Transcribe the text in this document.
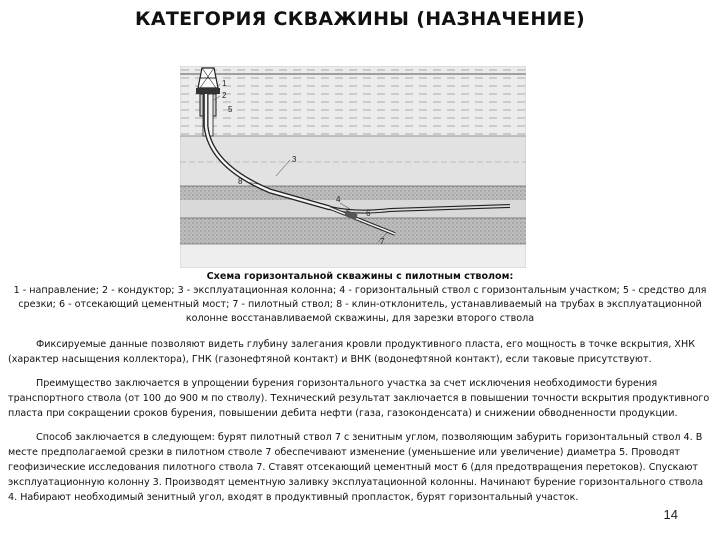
КАТЕГОРИЯ СКВАЖИНЫ (НАЗНАЧЕНИЕ)
1
2
5
3
8
4
6
7
Схема горизонтальной скважины с пилотным стволом:
1 - направление; 2 - кондуктор; 3 - эксплуатационная колонна; 4 - горизонтальный ствол с горизонтальным участком; 5 - средство для срезки; 6 - отсекающий цементный мост; 7 - пилотный ствол; 8 - клин-отклонитель, устанавливаемый на трубах в эксплуатационной колонне восстанавливаемой скважины, для зарезки второго ствола
Фиксируемые данные позволяют видеть глубину залегания кровли продуктивного пласта, его мощность в точке вскрытия, ХНК (характер насыщения коллектора), ГНК (газонефтяной контакт) и ВНК (водонефтяной контакт), если таковые присутствуют.
Преимущество заключается в упрощении бурения горизонтального участка за счет исключения необходимости бурения транспортного ствола (от 100 до 900 м по стволу). Технический результат заключается в повышении точности вскрытия продуктивного пласта при сокращении сроков бурения, повышении дебита нефти (газа, газоконденсата) и снижении обводненности продукции.
Способ заключается в следующем: бурят пилотный ствол 7 с зенитным углом, позволяющим забурить горизонтальный ствол 4. В месте предполагаемой срезки в пилотном стволе 7 обеспечивают изменение (уменьшение или увеличение) диаметра 5. Проводят геофизические исследования пилотного ствола 7. Ставят отсекающий цементный мост 6 (для предотвращения перетоков). Спускают эксплуатационную колонну 3. Производят цементную заливку эксплуатационной колонны. Начинают бурение горизонтального ствола 4. Набирают необходимый зенитный угол, входят в продуктивный пропласток, бурят горизонтальный участок.
14
